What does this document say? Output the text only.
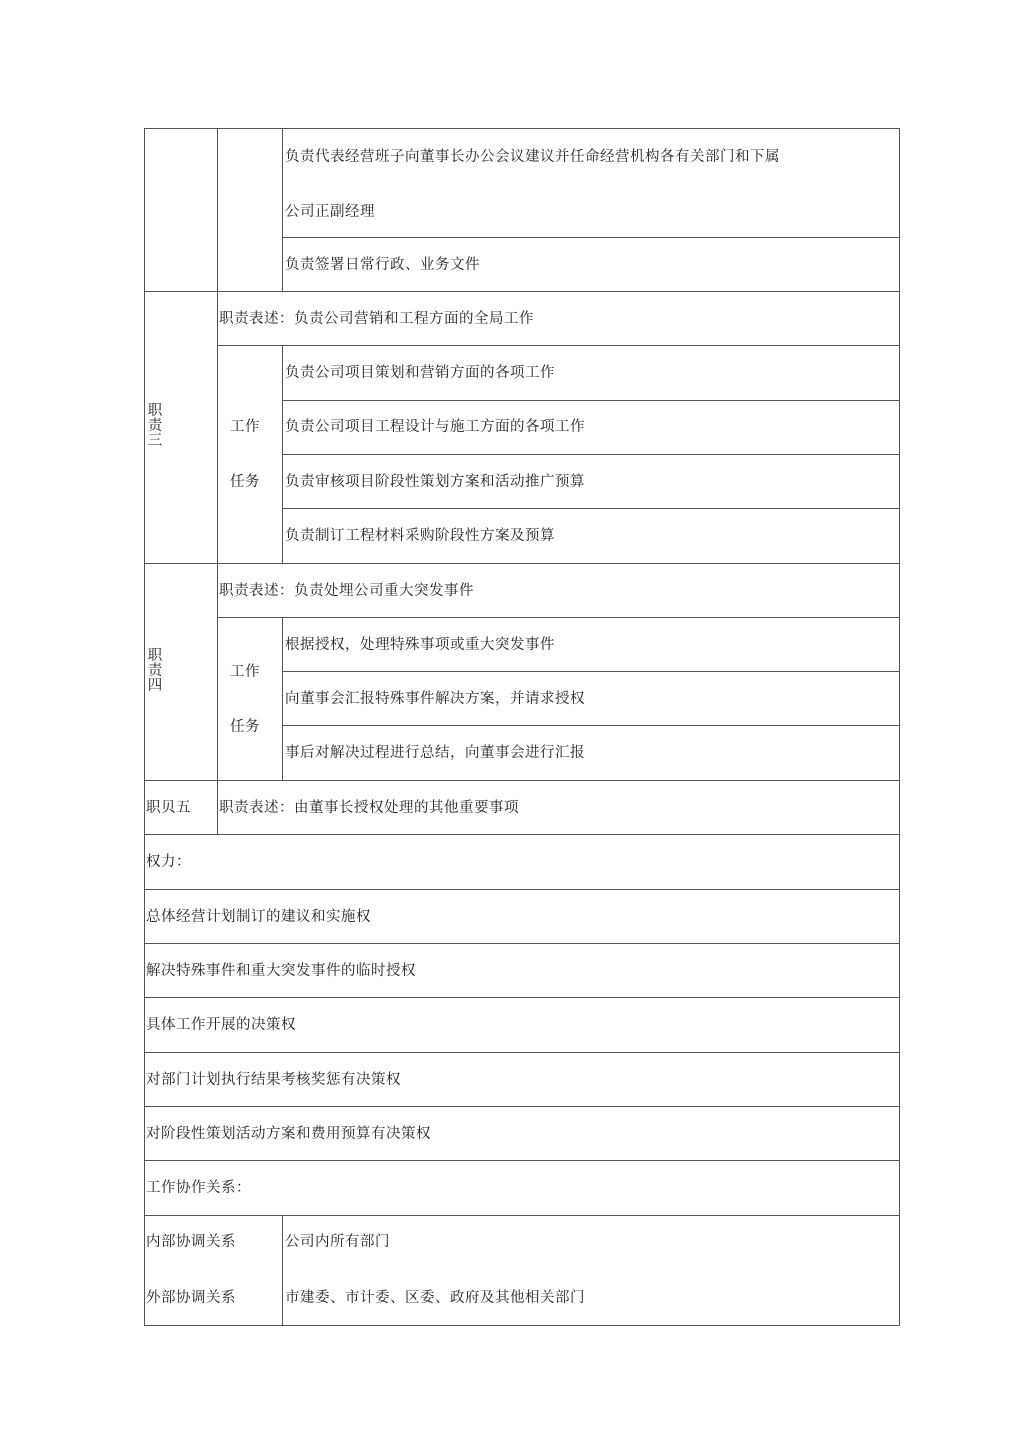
负责代表经营班子向董事长办公会议建议并任命经营机构各有关部门和下属
公司正副经理
负责签署日常行政、业务文件
职责三
职责表述：负责公司营销和工程方面的全局工作
工作
任务
负责公司项目策划和营销方面的各项工作
负责公司项目工程设计与施工方面的各项工作
负责审核项目阶段性策划方案和活动推广预算
负责制订工程材料采购阶段性方案及预算
职责四
职责表述：负责处埋公司重大突发事件
工作
任务
根据授权，处理特殊事项或重大突发事件
向董事会汇报特殊事件解决方案，并请求授权
事后对解决过程进行总结，向董事会进行汇报
职贝五 职责表述：由董事长授权处理的其他重要事项
权力：
总体经营计划制订的建议和实施权
解决特殊事件和重大突发事件的临时授权
具体工作开展的决策权
对部门计划执行结果考核奖惩有决策权
对阶段性策划活动方案和费用预算有决策权
工作协作关系：
内部协调关系	公司内所有部门
外部协调关系	市建委、市计委、区委、政府及其他相关部门
